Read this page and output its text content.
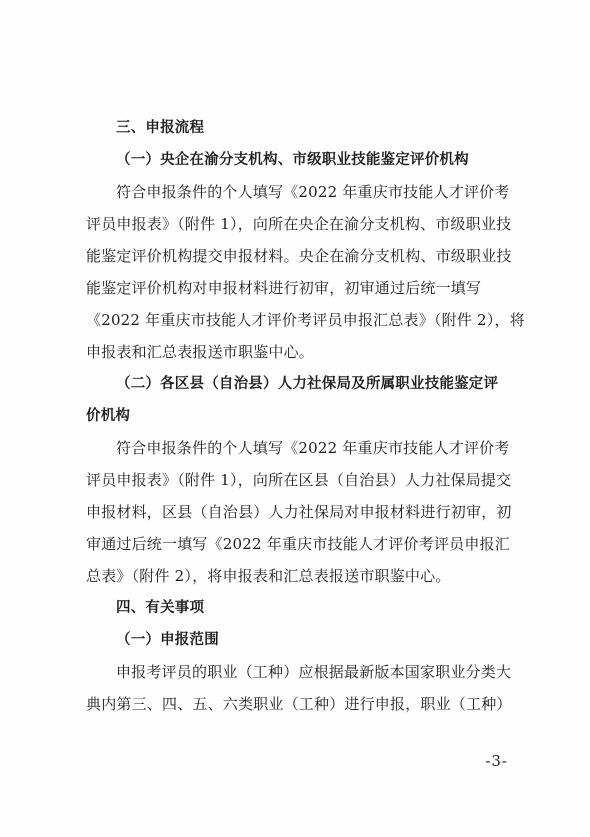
三、申报流程
（一）央企在渝分支机构、市级职业技能鉴定评价机构
符合申报条件的个人填写《2022 年重庆市技能人才评价考
评员申报表》（附件 1），向所在央企在渝分支机构、市级职业技
能鉴定评价机构提交申报材料。央企在渝分支机构、市级职业技
能鉴定评价机构对申报材料进行初审，初审通过后统一填写
《2022 年重庆市技能人才评价考评员申报汇总表》（附件 2），将
申报表和汇总表报送市职鉴中心。
（二）各区县（自治县）人力社保局及所属职业技能鉴定评
价机构
符合申报条件的个人填写《2022 年重庆市技能人才评价考
评员申报表》（附件 1），向所在区县（自治县）人力社保局提交
申报材料，区县（自治县）人力社保局对申报材料进行初审，初
审通过后统一填写《2022 年重庆市技能人才评价考评员申报汇
总表》（附件 2），将申报表和汇总表报送市职鉴中心。
四、有关事项
（一）申报范围
申报考评员的职业（工种）应根据最新版本国家职业分类大
典内第三、四、五、六类职业（工种）进行申报，职业（工种）
-3-
